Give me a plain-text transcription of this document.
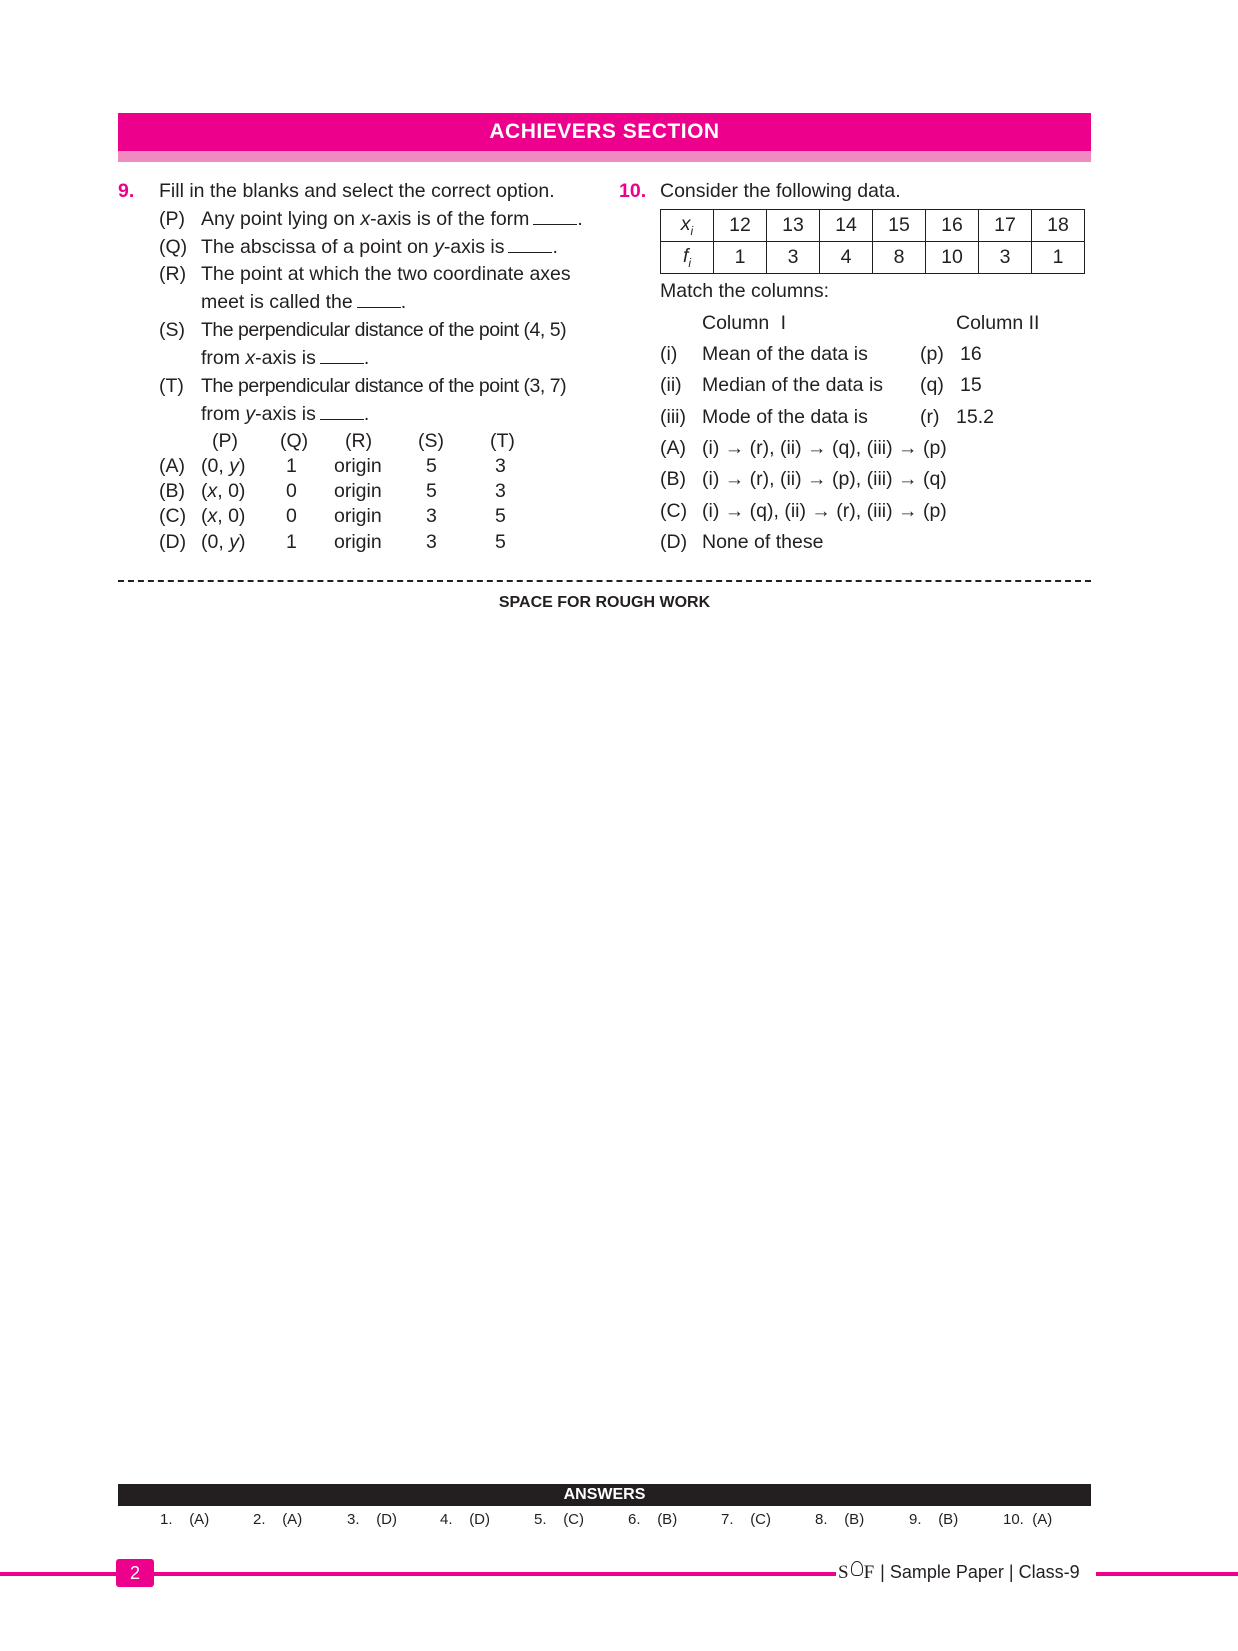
ACHIEVERS SECTION
9. Fill in the blanks and select the correct option.
(P) Any point lying on x-axis is of the form .
(Q) The abscissa of a point on y-axis is .
(R) The point at which the two coordinate axes
meet is called the .
(S) The perpendicular distance of the point (4, 5)
from x-axis is .
(T) The perpendicular distance of the point (3, 7)
from y-axis is .
(P) (Q) (R) (S) (T)
(A) (0, y) 1 origin 5	3
(B) (x, 0) 0 origin 5	3
(C) (x, 0) 0 origin 3	5
(D) (0, y) 1 origin 3	5
10. Consider the following data.
$x_i$	12	13	14	15	16	17	18
$f_i$	1	3	4	8	10	3	1
Match the columns:
Column I	Column II
(i) Mean of the data is	(p) 16
(ii) Median of the data is (q) 15
(iii) Mode of the data is	(r) 15.2
(A) (i) → (r), (ii) → (q), (iii) → (p)
(B) (i) → (r), (ii) → (p), (iii) → (q)
(C) (i) → (q), (ii) → (r), (iii) → (p)
(D) None of these
SPACE FOR ROUGH WORK
ANSWERS
1. (A)	2. (A)	3. (D)	4. (D)	5. (C)	6. (B)	7. (C)	8. (B)	9. (B)	10. (A)
2	S F | Sample Paper | Class-9
